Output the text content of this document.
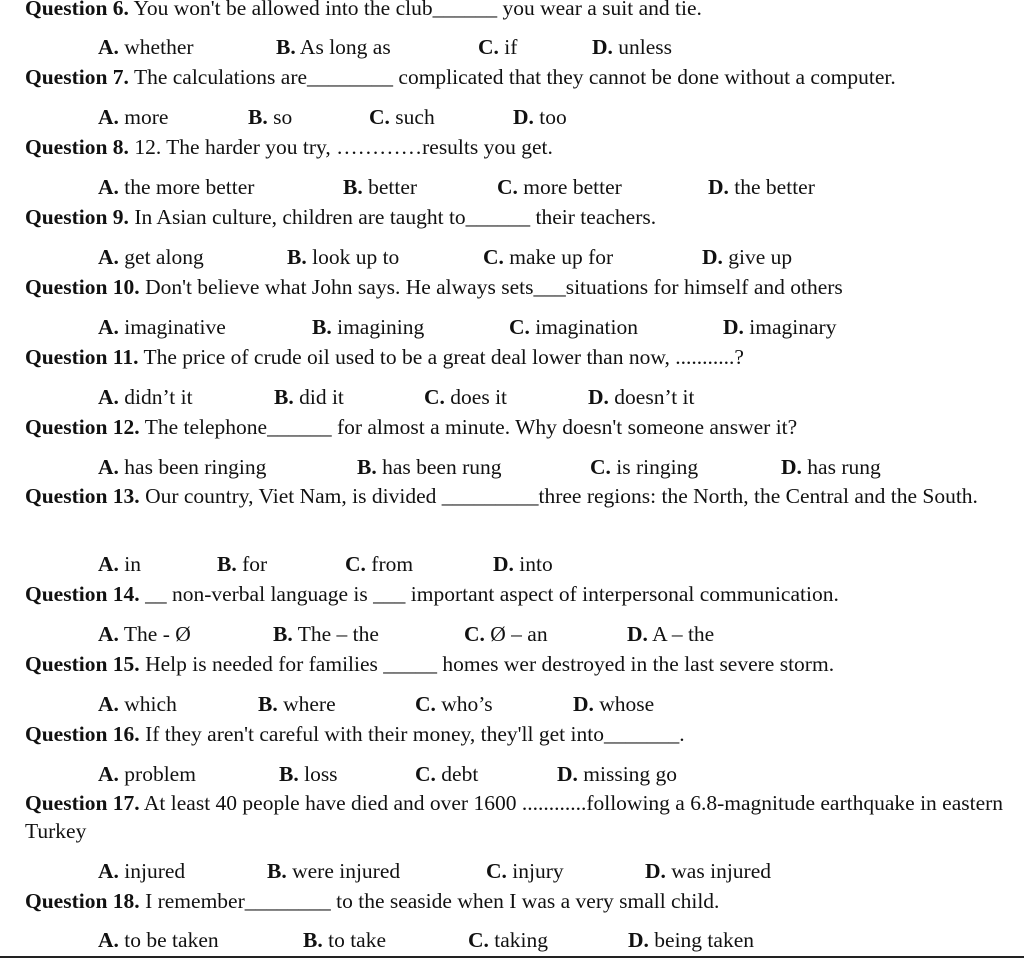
Question 6. You won't be allowed into the club______ you wear a suit and tie.
A. whether	B. As long as	C. if	D. unless
Question 7. The calculations are________ complicated that they cannot be done without a computer.
A. more	B. so	C. such	D. too
Question 8. 12. The harder you try, …………results you get.
A. the more better	B. better	C. more better	D. the better
Question 9. In Asian culture, children are taught to______ their teachers.
A. get along	B. look up to	C. make up for	D. give up
Question 10. Don't believe what John says. He always sets___situations for himself and others
A. imaginative	B. imagining	C. imagination	D. imaginary
Question 11. The price of crude oil used to be a great deal lower than now, ...........?
A. didn’t it	B. did it	C. does it	D. doesn’t it
Question 12. The telephone______ for almost a minute. Why doesn't someone answer it?
A. has been ringing	B. has been rung	C. is ringing	D. has rung
Question 13. Our country, Viet Nam, is divided _________three regions: the North, the Central and the South.
A. in	B. for	C. from	D. into
Question 14. __ non-verbal language is ___ important aspect of interpersonal communication.
A. The - Ø	B. The – the	C. Ø – an	D. A – the
Question 15. Help is needed for families _____ homes wer destroyed in the last severe storm.
A. which	B. where	C. who’s	D. whose
Question 16. If they aren't careful with their money, they'll get into_______.
A. problem	B. loss	C. debt	D. missing go
Question 17. At least 40 people have died and over 1600 ............following a 6.8-magnitude earthquake in eastern Turkey
A. injured	B. were injured	C. injury	D. was injured
Question 18. I remember________ to the seaside when I was a very small child.
A. to be taken	B. to take	C. taking	D. being taken
